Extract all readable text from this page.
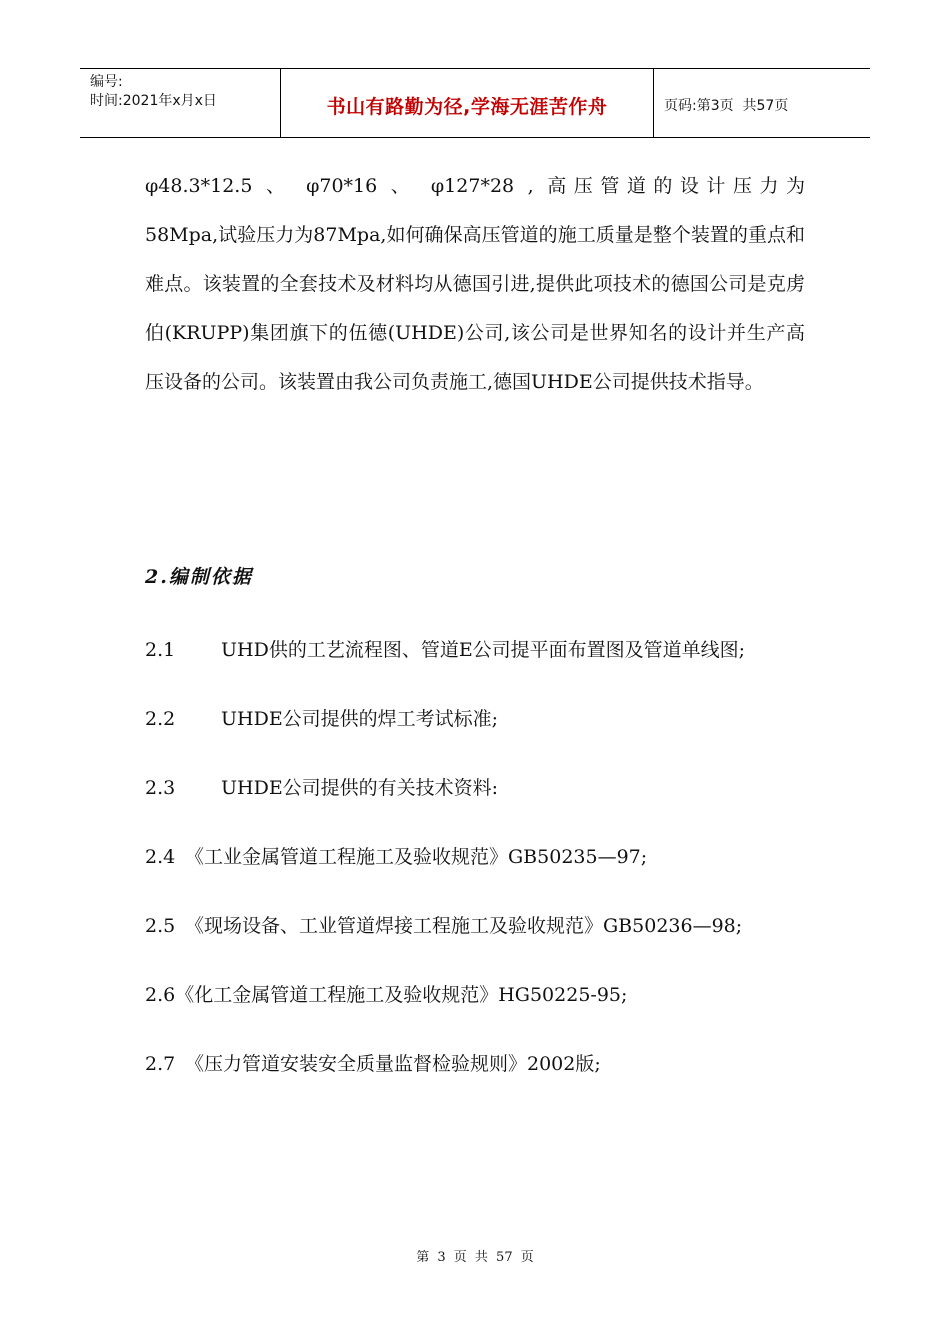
编号:
时间:2021年x月x日	书山有路勤为径,学海无涯苦作舟	页码:第3页  共57页

φ48.3*12.5 、 φ70*16 、 φ127*28 , 高压管道的设计压力为
58Mpa,试验压力为87Mpa,如何确保高压管道的施工质量是整个装置的重点和难点。该装置的全套技术及材料均从德国引进,提供此项技术的德国公司是克虏伯(KRUPP)集团旗下的伍德(UHDE)公司,该公司是世界知名的设计并生产高压设备的公司。该装置由我公司负责施工,德国UHDE公司提供技术指导。

2.编制依据

2.1 UHD供的工艺流程图、管道E公司提平面布置图及管道单线图;

2.2 UHDE公司提供的焊工考试标准;

2.3 UHDE公司提供的有关技术资料:

2.4 《工业金属管道工程施工及验收规范》GB50235—97;

2.5 《现场设备、工业管道焊接工程施工及验收规范》GB50236—98;

2.6《化工金属管道工程施工及验收规范》HG50225-95;

2.7 《压力管道安装安全质量监督检验规则》2002版;

第 3 页 共 57 页
